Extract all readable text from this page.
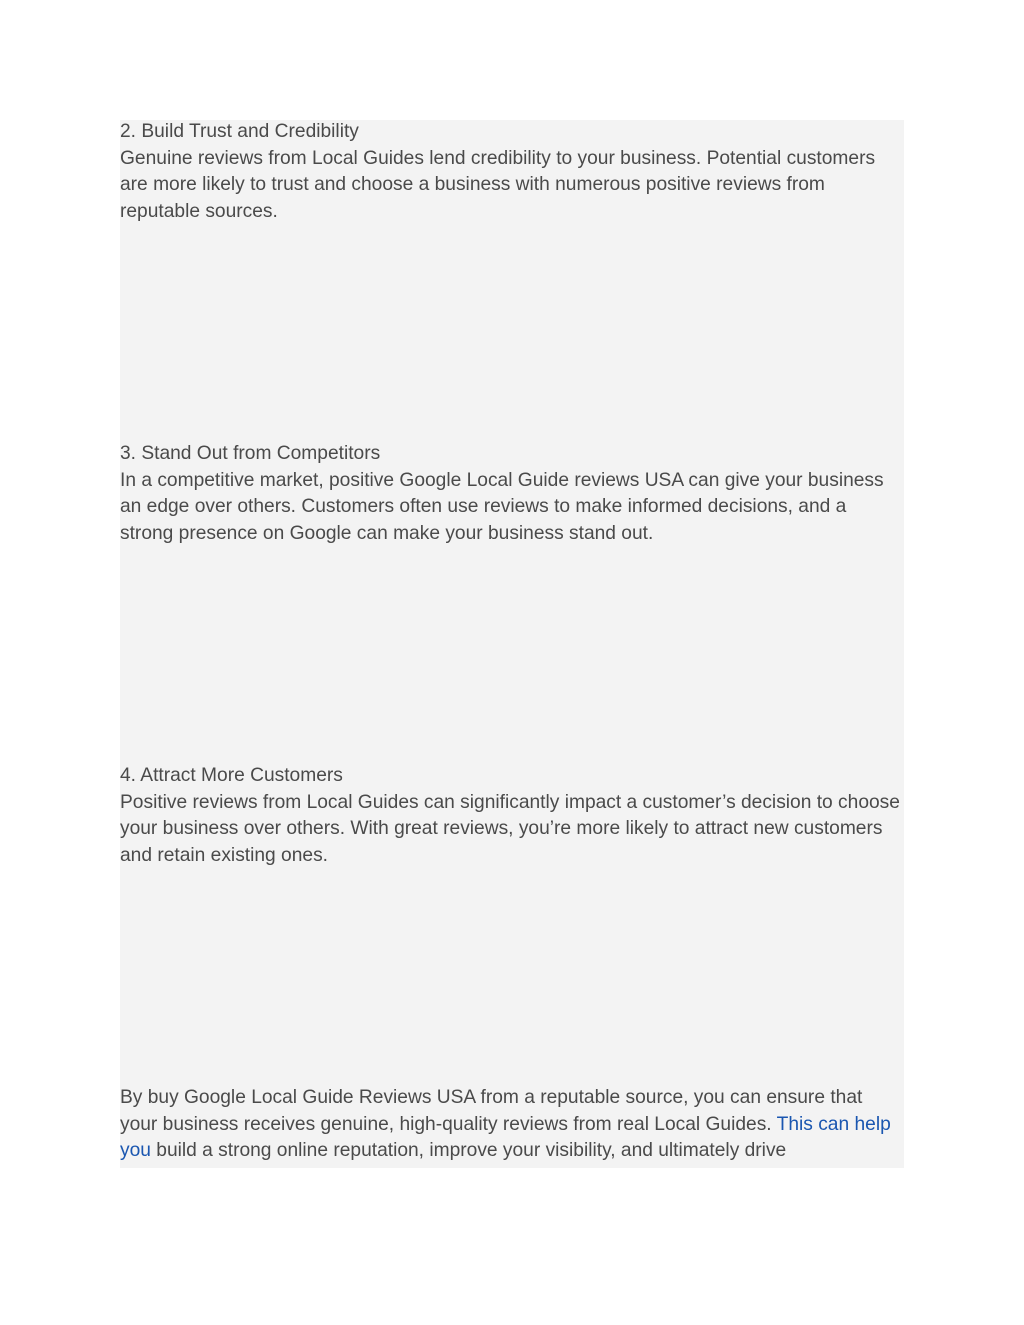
2. Build Trust and Credibility

Genuine reviews from Local Guides lend credibility to your business. Potential customers are more likely to trust and choose a business with numerous positive reviews from reputable sources.

3. Stand Out from Competitors

In a competitive market, positive Google Local Guide reviews USA can give your business an edge over others. Customers often use reviews to make informed decisions, and a strong presence on Google can make your business stand out.

4. Attract More Customers

Positive reviews from Local Guides can significantly impact a customer’s decision to choose your business over others. With great reviews, you’re more likely to attract new customers and retain existing ones.

By buy Google Local Guide Reviews USA from a reputable source, you can ensure that your business receives genuine, high-quality reviews from real Local Guides. This can help you build a strong online reputation, improve your visibility, and ultimately drive
